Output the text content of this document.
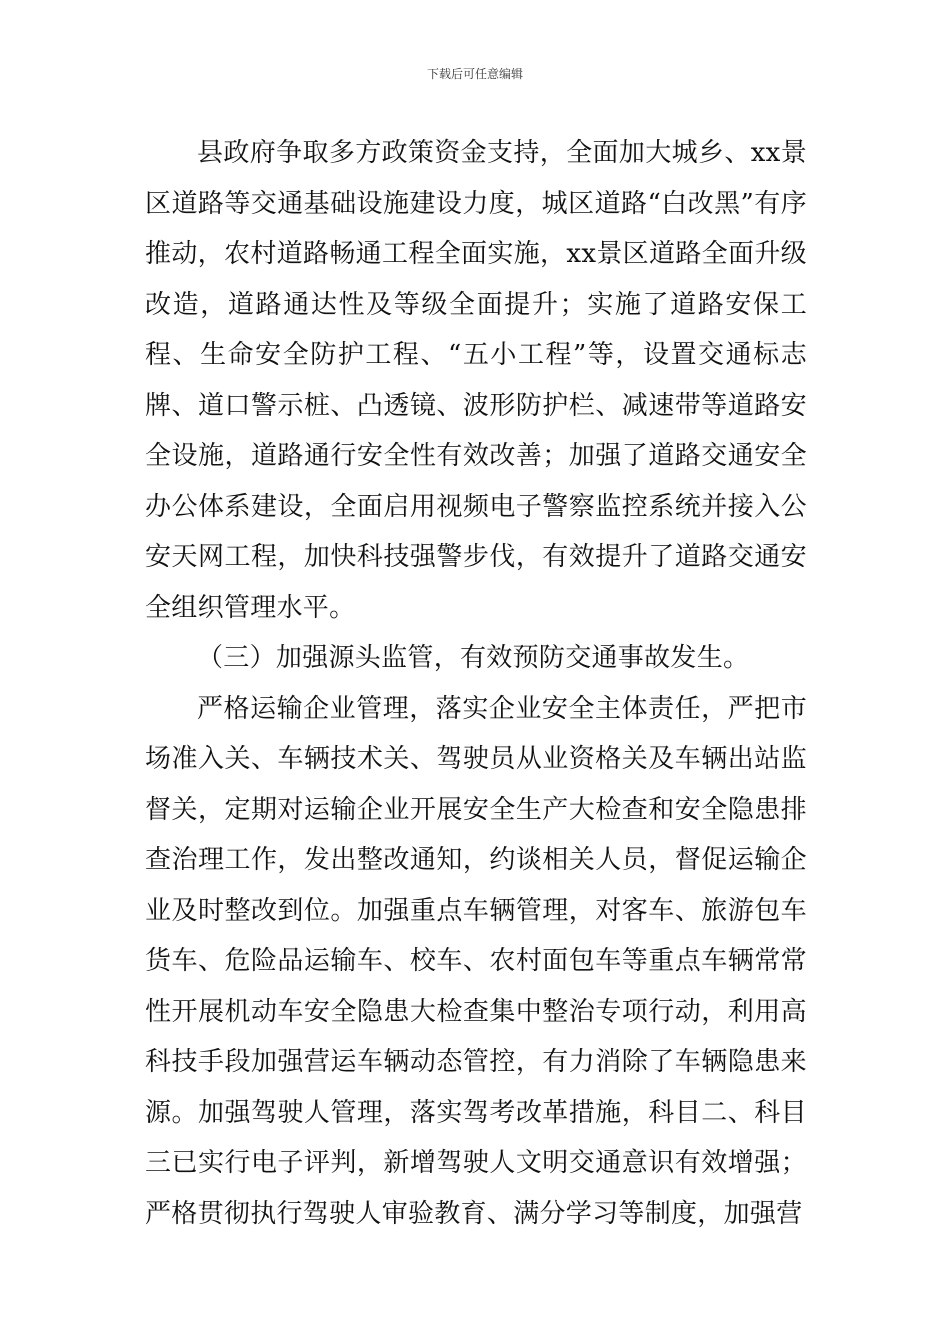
下载后可任意编辑

县政府争取多方政策资金支持，全面加大城乡、xx景区道路等交通基础设施建设力度，城区道路“白改黑”有序推动，农村道路畅通工程全面实施，xx景区道路全面升级改造，道路通达性及等级全面提升；实施了道路安保工程、生命安全防护工程、“五小工程”等，设置交通标志牌、道口警示桩、凸透镜、波形防护栏、减速带等道路安全设施，道路通行安全性有效改善；加强了道路交通安全办公体系建设，全面启用视频电子警察监控系统并接入公安天网工程，加快科技强警步伐，有效提升了道路交通安全组织管理水平。

（三）加强源头监管，有效预防交通事故发生。

严格运输企业管理，落实企业安全主体责任，严把市场准入关、车辆技术关、驾驶员从业资格关及车辆出站监督关，定期对运输企业开展安全生产大检查和安全隐患排查治理工作，发出整改通知，约谈相关人员，督促运输企业及时整改到位。加强重点车辆管理，对客车、旅游包车货车、危险品运输车、校车、农村面包车等重点车辆常常性开展机动车安全隐患大检查集中整治专项行动，利用高科技手段加强营运车辆动态管控，有力消除了车辆隐患来源。加强驾驶人管理，落实驾考改革措施，科目二、科目三已实行电子评判，新增驾驶人文明交通意识有效增强；严格贯彻执行驾驶人审验教育、满分学习等制度，加强营
